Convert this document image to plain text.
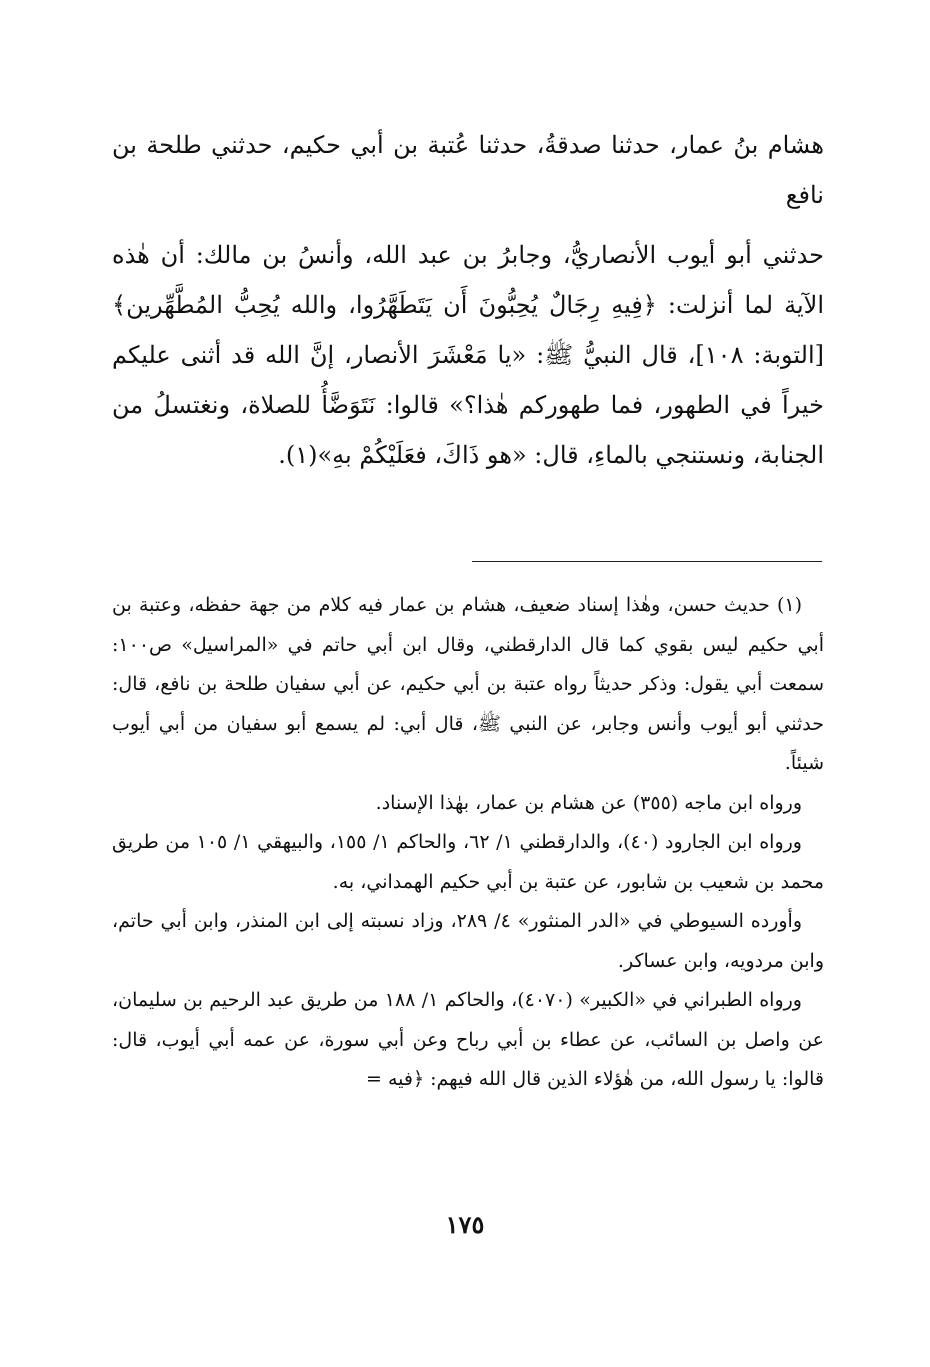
هشام بنُ عمار، حدثنا صدقةُ، حدثنا عُتبة بن أبي حكيم، حدثني طلحة بن نافع

حدثني أبو أيوب الأنصاريُّ، وجابرُ بن عبد الله، وأنسُ بن مالك: أن هٰذه الآية لما أنزلت: ﴿فِيهِ رِجَالٌ يُحِبُّونَ أَن يَتَطَهَّرُوا، والله يُحِبُّ المُطَّهِّرين﴾ [التوبة: ١٠٨]، قال النبيُّ ﷺ: «يا مَعْشَرَ الأنصار، إنَّ الله قد أثنى عليكم خيراً في الطهور، فما طهوركم هٰذا؟» قالوا: نَتَوَضَّأُ للصلاة، ونغتسلُ من الجنابة، ونستنجي بالماءِ، قال: «هو ذَاكَ، فعَلَيْكُمْ بهِ»(١).

(١) حديث حسن، وهٰذا إسناد ضعيف، هشام بن عمار فيه كلام من جهة حفظه، وعتبة بن أبي حكيم ليس بقوي كما قال الدارقطني، وقال ابن أبي حاتم في «المراسيل» ص١٠٠: سمعت أبي يقول: وذكر حديثاً رواه عتبة بن أبي حكيم، عن أبي سفيان طلحة بن نافع، قال: حدثني أبو أيوب وأنس وجابر، عن النبي ﷺ، قال أبي: لم يسمع أبو سفيان من أبي أيوب شيئاً.

ورواه ابن ماجه (٣٥٥) عن هشام بن عمار، بهٰذا الإسناد.

ورواه ابن الجارود (٤٠)، والدارقطني ١/ ٦٢، والحاكم ١/ ١٥٥، والبيهقي ١/ ١٠٥ من طريق محمد بن شعيب بن شابور، عن عتبة بن أبي حكيم الهمداني، به.

وأورده السيوطي في «الدر المنثور» ٤/ ٢٨٩، وزاد نسبته إلى ابن المنذر، وابن أبي حاتم، وابن مردويه، وابن عساكر.

ورواه الطبراني في «الكبير» (٤٠٧٠)، والحاكم ١/ ١٨٨ من طريق عبد الرحيم بن سليمان، عن واصل بن السائب، عن عطاء بن أبي رباح وعن أبي سورة، عن عمه أبي أيوب، قال: قالوا: يا رسول الله، من هٰؤلاء الذين قال الله فيهم: ﴿فيه =

١٧٥
